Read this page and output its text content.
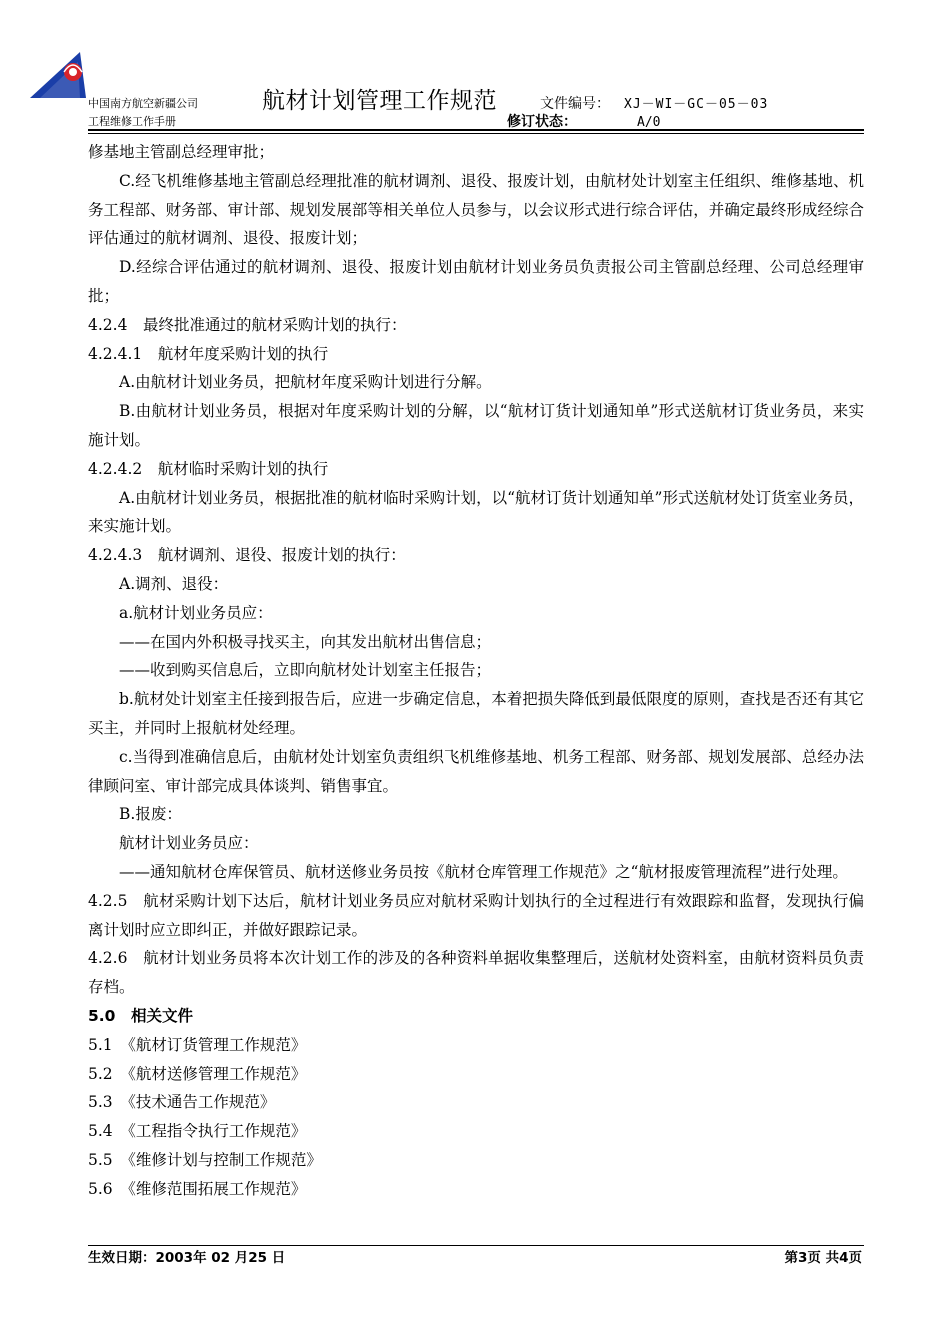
中国南方航空新疆公司
工程维修工作手册
航材计划管理工作规范	文件编号： XJ－WI－GC－05－03
修订状态：	A/0

修基地主管副总经理审批；

C.经飞机维修基地主管副总经理批准的航材调剂、退役、报废计划，由航材处计划室主任组织、维修基地、机务工程部、财务部、审计部、规划发展部等相关单位人员参与，以会议形式进行综合评估，并确定最终形成经综合评估通过的航材调剂、退役、报废计划；

D.经综合评估通过的航材调剂、退役、报废计划由航材计划业务员负责报公司主管副总经理、公司总经理审批；

4.2.4　最终批准通过的航材采购计划的执行：

4.2.4.1　航材年度采购计划的执行

A.由航材计划业务员，把航材年度采购计划进行分解。

B.由航材计划业务员，根据对年度采购计划的分解，以“航材订货计划通知单”形式送航材订货业务员，来实施计划。

4.2.4.2　航材临时采购计划的执行

A.由航材计划业务员，根据批准的航材临时采购计划，以“航材订货计划通知单”形式送航材处订货室业务员，来实施计划。

4.2.4.3　航材调剂、退役、报废计划的执行：

A.调剂、退役：

a.航材计划业务员应：

——在国内外积极寻找买主，向其发出航材出售信息；

——收到购买信息后，立即向航材处计划室主任报告；

b.航材处计划室主任接到报告后，应进一步确定信息，本着把损失降低到最低限度的原则，查找是否还有其它买主，并同时上报航材处经理。

c.当得到准确信息后，由航材处计划室负责组织飞机维修基地、机务工程部、财务部、规划发展部、总经办法律顾问室、审计部完成具体谈判、销售事宜。

B.报废：

航材计划业务员应：

——通知航材仓库保管员、航材送修业务员按《航材仓库管理工作规范》之“航材报废管理流程”进行处理。

4.2.5　航材采购计划下达后，航材计划业务员应对航材采购计划执行的全过程进行有效跟踪和监督，发现执行偏离计划时应立即纠正，并做好跟踪记录。

4.2.6　航材计划业务员将本次计划工作的涉及的各种资料单据收集整理后，送航材处资料室，由航材资料员负责存档。

5.0　相关文件

5.1　《航材订货管理工作规范》

5.2　《航材送修管理工作规范》

5.3　《技术通告工作规范》

5.4　《工程指令执行工作规范》

5.5　《维修计划与控制工作规范》

5.6　《维修范围拓展工作规范》

生效日期：2003年 02 月25 日	第3页 共4页
